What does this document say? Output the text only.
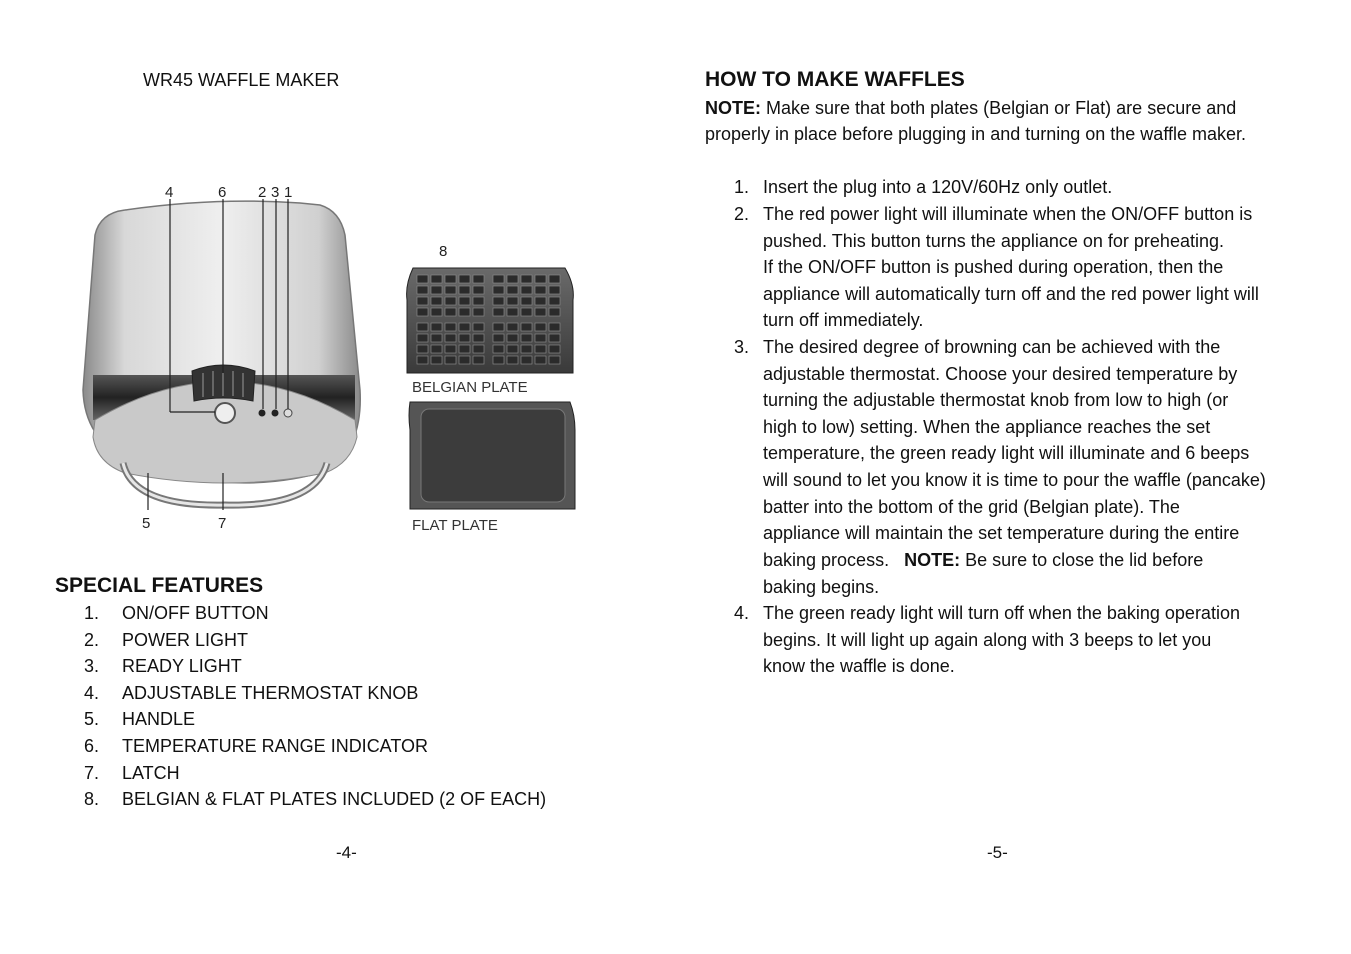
WR45 WAFFLE MAKER
4	6 2 3 1
5	7
8
BELGIAN PLATE
FLAT PLATE
SPECIAL FEATURES
1. ON/OFF BUTTON
2. POWER LIGHT
3. READY LIGHT
4. ADJUSTABLE THERMOSTAT KNOB
5. HANDLE
6. TEMPERATURE RANGE INDICATOR
7. LATCH
8. BELGIAN & FLAT PLATES INCLUDED (2 OF EACH)
-4-
HOW TO MAKE WAFFLES
NOTE: Make sure that both plates (Belgian or Flat) are secure and
properly in place before plugging in and turning on the waffle maker.
1. Insert the plug into a 120V/60Hz only outlet.
2. The red power light will illuminate when the ON/OFF button is
pushed. This button turns the appliance on for preheating.
If the ON/OFF button is pushed during operation, then the
appliance will automatically turn off and the red power light will
turn off immediately.
3. The desired degree of browning can be achieved with the
adjustable thermostat. Choose your desired temperature by
turning the adjustable thermostat knob from low to high (or
high to low) setting. When the appliance reaches the set
temperature, the green ready light will illuminate and 6 beeps
will sound to let you know it is time to pour the waffle (pancake)
batter into the bottom of the grid (Belgian plate). The
appliance will maintain the set temperature during the entire
baking process.   NOTE: Be sure to close the lid before
baking begins.
4. The green ready light will turn off when the baking operation
begins. It will light up again along with 3 beeps to let you
know the waffle is done.
-5-
